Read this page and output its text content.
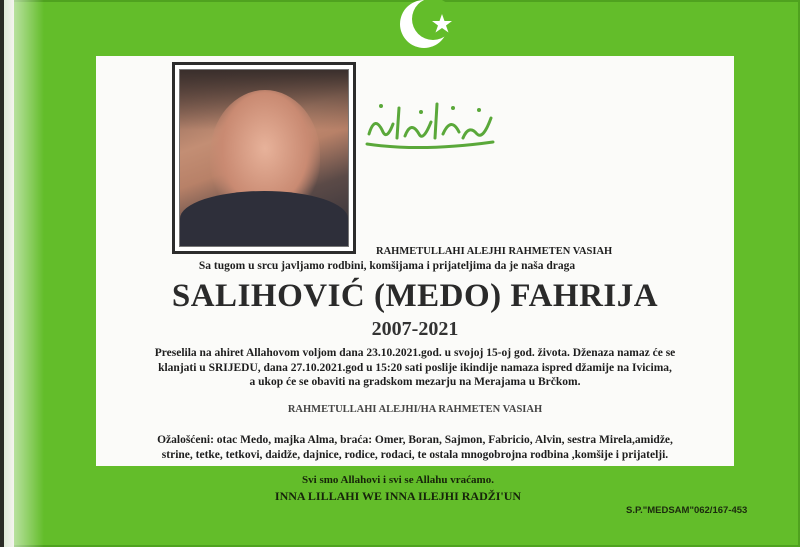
RAHMETULLAHI ALEJHI RAHMETEN VASIAH
Sa tugom u srcu javljamo rodbini, komšijama i prijateljima da je naša draga
SALIHOVIĆ (MEDO) FAHRIJA
2007-2021
Preselila na ahiret Allahovom voljom dana 23.10.2021.god. u svojoj 15-oj god. života. Dženaza namaz će se
klanjati u SRIJEDU, dana 27.10.2021.god u 15:20 sati poslije ikindije namaza ispred džamije na Ivicima,
a ukop će se obaviti na gradskom mezarju na Merajama u Brčkom.
RAHMETULLAHI ALEJHI/HA RAHMETEN VASIAH
Ožalošćeni: otac Medo, majka Alma, braća: Omer, Boran, Sajmon, Fabricio, Alvin, sestra Mirela,amidže,
strine, tetke, tetkovi, daidže, dajnice, rodice, rodaci, te ostala mnogobrojna rodbina ,komšije i prijatelji.
Svi smo Allahovi i svi se Allahu vraćamo.
INNA LILLAHI WE INNA ILEJHI RADŽI'UN
S.P."MEDSAM"062/167-453
